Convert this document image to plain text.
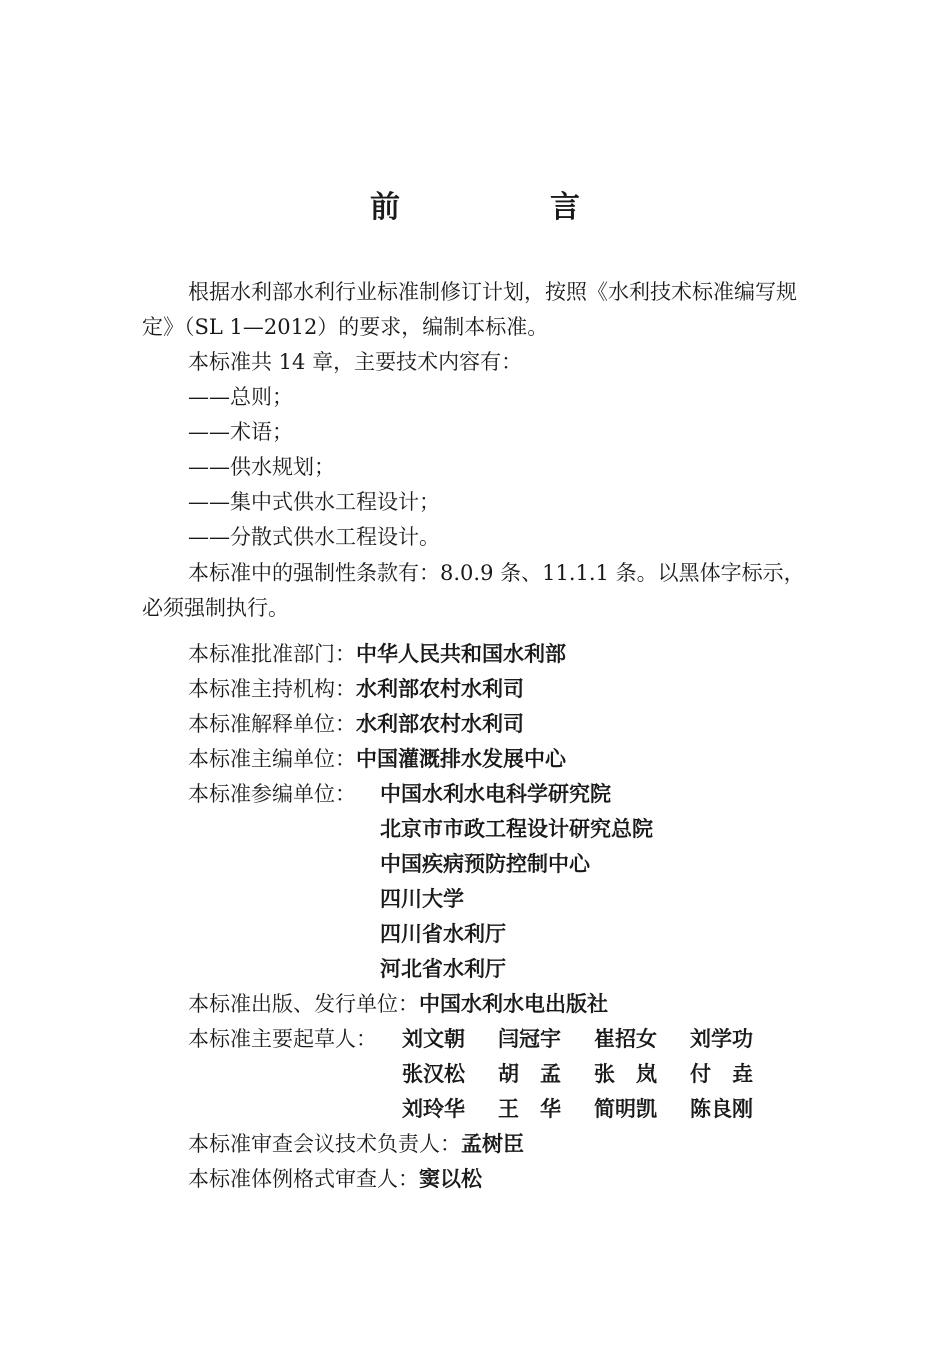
前　言

根据水利部水利行业标准制修订计划，按照《水利技术标准编写规定》（SL 1—2012）的要求，编制本标准。

本标准共 14 章，主要技术内容有：
——总则；
——术语；
——供水规划；
——集中式供水工程设计；
——分散式供水工程设计。

本标准中的强制性条款有：8.0.9 条、11.1.1 条。以黑体字标示，必须强制执行。

本标准批准部门：中华人民共和国水利部
本标准主持机构：水利部农村水利司
本标准解释单位：水利部农村水利司
本标准主编单位：中国灌溉排水发展中心
本标准参编单位： 中国水利水电科学研究院
北京市市政工程设计研究总院
中国疾病预防控制中心
四川大学
四川省水利厅
河北省水利厅
本标准出版、发行单位：中国水利水电出版社
本标准主要起草人： 刘文朝 闫冠宇 崔招女 刘学功
张汉松 胡　孟 张　岚 付　垚
刘玲华 王　华 简明凯 陈良刚
本标准审查会议技术负责人：孟树臣
本标准体例格式审查人：窦以松
